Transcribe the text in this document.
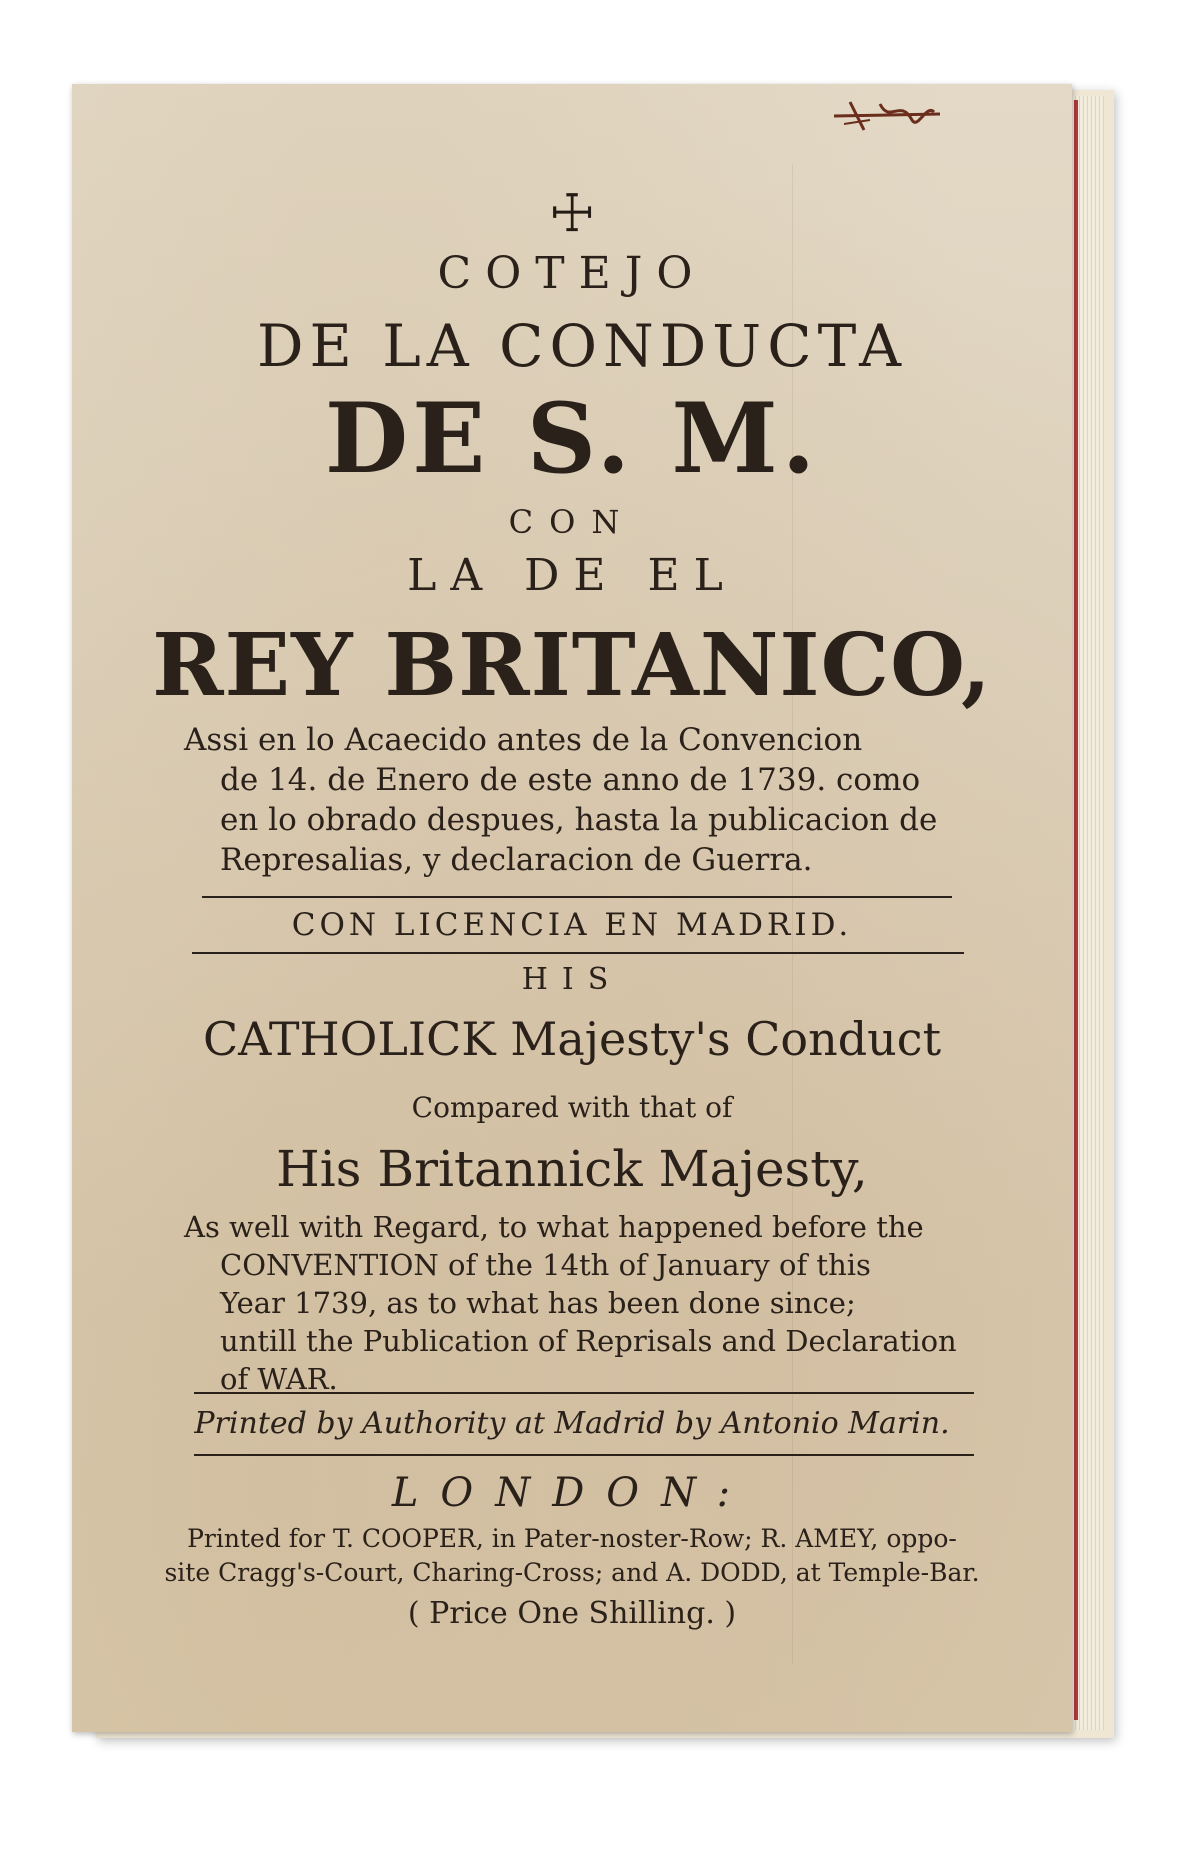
☩
COTEJO
DE LA CONDUCTA
DE S. M.
CON
LA DE EL
REY BRITANICO,
Assi en lo Acaecido antes de la Convencion
de 14. de Enero de este anno de 1739. como
en lo obrado despues, hasta la publicacion de
Represalias, y declaracion de Guerra.
CON LICENCIA EN MADRID.
HIS
CATHOLICK Majesty's Conduct
Compared with that of
His Britannick Majesty,
As well with Regard, to what happened before the
CONVENTION of the 14th of January of this
Year 1739, as to what has been done since;
untill the Publication of Reprisals and Declaration
of WAR.
Printed by Authority at Madrid by Antonio Marin.
LONDON:
Printed for T. COOPER, in Pater-noster-Row; R. AMEY, oppo-
site Cragg's-Court, Charing-Cross; and A. DODD, at Temple-Bar.
( Price One Shilling. )
